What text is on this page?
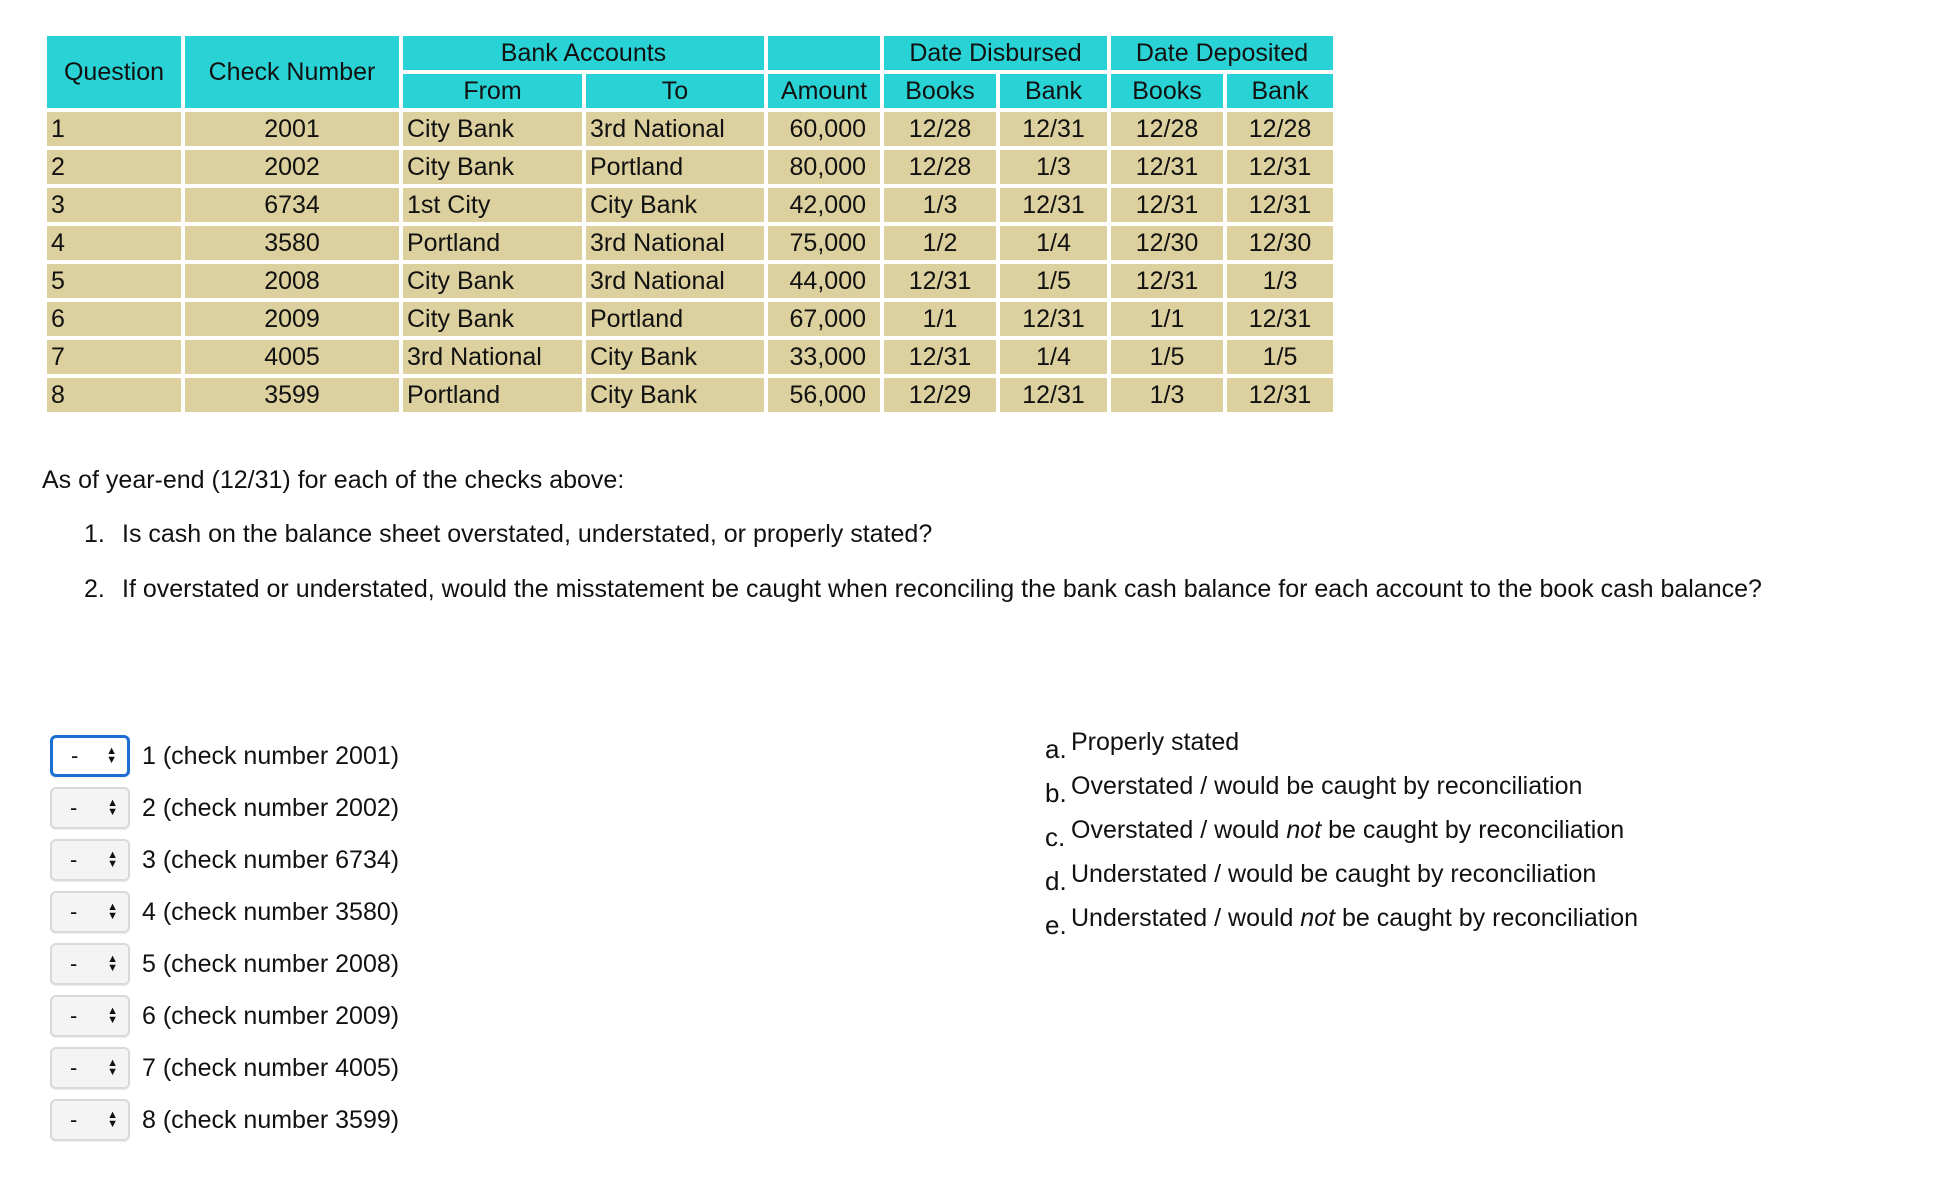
Question	Check Number	Bank Accounts			Date Disbursed		Date Deposited	
		From	To	Amount	Books	Bank	Books	Bank
1	2001	City Bank	3rd National	60,000	12/28	12/31	12/28	12/28
2	2002	City Bank	Portland	80,000	12/28	1/3	12/31	12/31
3	6734	1st City	City Bank	42,000	1/3	12/31	12/31	12/31
4	3580	Portland	3rd National	75,000	1/2	1/4	12/30	12/30
5	2008	City Bank	3rd National	44,000	12/31	1/5	12/31	1/3
6	2009	City Bank	Portland	67,000	1/1	12/31	1/1	12/31
7	4005	3rd National	City Bank	33,000	12/31	1/4	1/5	1/5
8	3599	Portland	City Bank	56,000	12/29	12/31	1/3	12/31
As of year-end (12/31) for each of the checks above:
1. Is cash on the balance sheet overstated, understated, or properly stated?
2. If overstated or understated, would the misstatement be caught when reconciling the bank cash balance for each account to the book cash balance?
-	▲
▼ 1 (check number 2001)
-	▲
▼ 2 (check number 2002)
-	▲
▼ 3 (check number 6734)
-	▲
▼ 4 (check number 3580)
-	▲
▼ 5 (check number 2008)
-	▲
▼ 6 (check number 2009)
-	▲
▼ 7 (check number 4005)
-	▲
▼ 8 (check number 3599)
a. Properly stated
b. Overstated / would be caught by reconciliation
c. Overstated / would not be caught by reconciliation
d. Understated / would be caught by reconciliation
e. Understated / would not be caught by reconciliation
